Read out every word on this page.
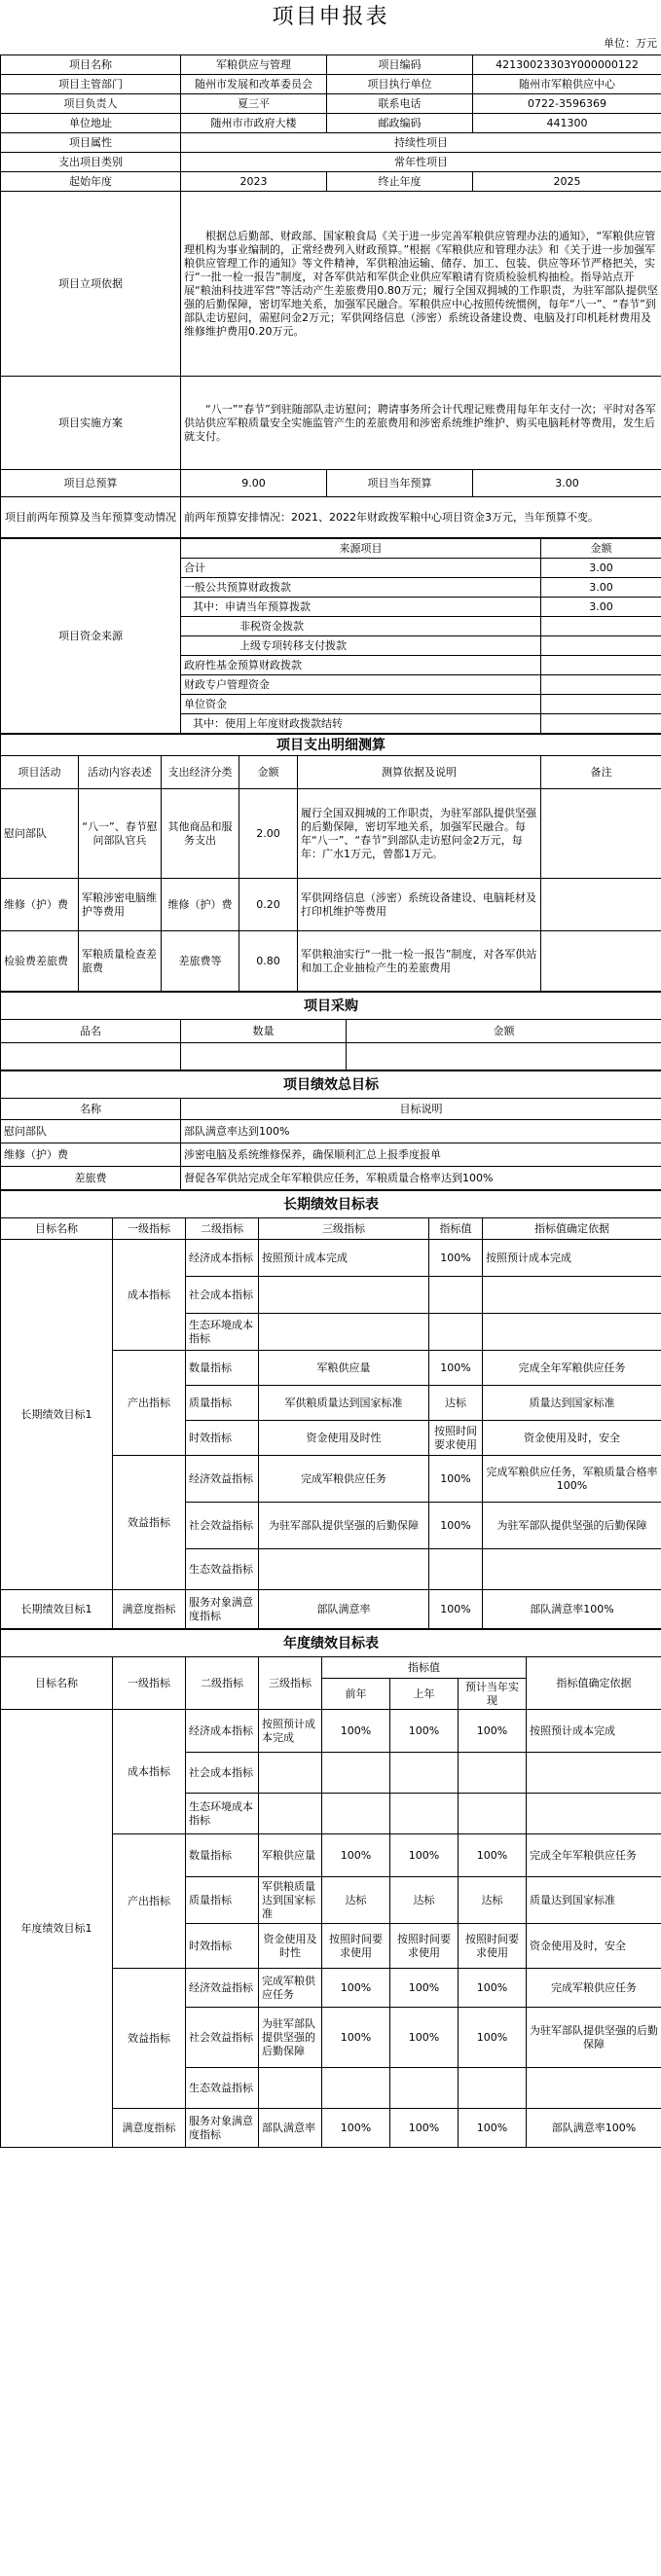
项目申报表
单位：万元
项目名称	军粮供应与管理	项目编码	42130023303Y000000122
项目主管部门	随州市发展和改革委员会	项目执行单位	随州市军粮供应中心
项目负责人	夏三平	联系电话	0722-3596369
单位地址	随州市市政府大楼	邮政编码	441300
项目属性	持续性项目		
支出项目类别	常年性项目		
起始年度	2023	终止年度	2025
项目立项依据	根据总后勤部、财政部、国家粮食局《关于进一步完善军粮供应管理办法的通知》，“军粮供应管理机构为事业编制的，正常经费列入财政预算。”根据《军粮供应和管理办法》和《关于进一步加强军粮供应管理工作的通知》等文件精神，军供粮油运输、储存、加工、包装、供应等环节严格把关，实行“一批一检一报告”制度，对各军供站和军供企业供应军粮请有资质检验机构抽检。指导站点开展“粮油科技进军营”等活动产生差旅费用0.80万元；履行全国双拥城的工作职责，为驻军部队提供坚强的后勤保障，密切军地关系，加强军民融合。军粮供应中心按照传统惯例，每年“八一”、“春节”到部队走访慰问，需慰问金2万元；军供网络信息（涉密）系统设备建设费、电脑及打印机耗材费用及维修维护费用0.20万元。		
项目实施方案	“八一”“春节”到驻随部队走访慰问；聘请事务所会计代理记账费用每年年支付一次；平时对各军供站供应军粮质量安全实施监管产生的差旅费用和涉密系统维护维护、购买电脑耗材等费用，发生后就支付。		
项目总预算	9.00	项目当年预算	3.00
项目前两年预算及当年预算变动情况	前两年预算安排情况：2021、2022年财政拨军粮中心项目资金3万元，当年预算不变。		
项目资金来源	来源项目	金额
	合计	3.00
	一般公共预算财政拨款	3.00
	其中：申请当年预算拨款	3.00
	非税资金拨款	
	上级专项转移支付拨款	
	政府性基金预算财政拨款	
	财政专户管理资金	
	单位资金	
	其中：使用上年度财政拨款结转	
项目支出明细测算					
项目活动	活动内容表述	支出经济分类	金额	测算依据及说明	备注
慰问部队	“八一”、春节慰问部队官兵	其他商品和服务支出	2.00	履行全国双拥城的工作职责，为驻军部队提供坚强的后勤保障，密切军地关系，加强军民融合。每年“八一”、“春节”到部队走访慰问金2万元，每年：广水1万元，曾都1万元。	
维修（护）费	军粮涉密电脑维护等费用	维修（护）费	0.20	军供网络信息（涉密）系统设备建设、电脑耗材及打印机维护等费用	
检验费差旅费	军粮质量检查差旅费	差旅费等	0.80	军供粮油实行“一批一检一报告”制度，对各军供站和加工企业抽检产生的差旅费用	
项目采购		
品名	数量	金额

项目绩效总目标	
名称	目标说明
慰问部队	部队满意率达到100%
维修（护）费	涉密电脑及系统维修保养，确保顺利汇总上报季度报单
差旅费	督促各军供站完成全年军粮供应任务，军粮质量合格率达到100%
长期绩效目标表					
目标名称	一级指标	二级指标	三级指标	指标值	指标值确定依据
长期绩效目标1	成本指标	经济成本指标	按照预计成本完成	100%	按照预计成本完成
		社会成本指标			
		生态环境成本指标			
	产出指标	数量指标	军粮供应量	100%	完成全年军粮供应任务
		质量指标	军供粮质量达到国家标准	达标	质量达到国家标准
		时效指标	资金使用及时性	按照时间要求使用	资金使用及时，安全
	效益指标	经济效益指标	完成军粮供应任务	100%	完成军粮供应任务，军粮质量合格率100%
		社会效益指标	为驻军部队提供坚强的后勤保障	100%	为驻军部队提供坚强的后勤保障
		生态效益指标			
长期绩效目标1	满意度指标	服务对象满意度指标	部队满意率	100%	部队满意率100%
年度绩效目标表							
目标名称	一级指标	二级指标	三级指标	指标值			指标值确定依据
				前年	上年	预计当年实现	
年度绩效目标1	成本指标	经济成本指标	按照预计成本完成	100%	100%	100%	按照预计成本完成
		社会成本指标					
		生态环境成本指标					
	产出指标	数量指标	军粮供应量	100%	100%	100%	完成全年军粮供应任务
		质量指标	军供粮质量达到国家标准	达标	达标	达标	质量达到国家标准
		时效指标	资金使用及时性	按照时间要求使用	按照时间要求使用	按照时间要求使用	资金使用及时，安全
	效益指标	经济效益指标	完成军粮供应任务	100%	100%	100%	完成军粮供应任务
		社会效益指标	为驻军部队提供坚强的后勤保障	100%	100%	100%	为驻军部队提供坚强的后勤保障
		生态效益指标					
	满意度指标	服务对象满意度指标	部队满意率	100%	100%	100%	部队满意率100%
